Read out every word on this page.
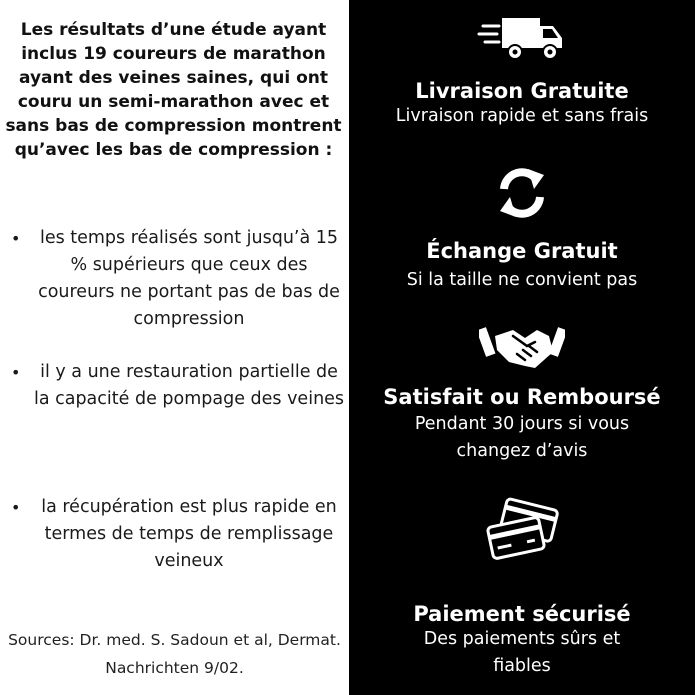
Les résultats d’une étude ayant inclus 19 coureurs de marathon ayant des veines saines, qui ont couru un semi-marathon avec et sans bas de compression montrent qu’avec les bas de compression :
•	les temps réalisés sont jusqu’à 15 % supérieurs que ceux des coureurs ne portant pas de bas de compression
•	il y a une restauration partielle de la capacité de pompage des veines
•	la récupération est plus rapide en termes de temps de remplissage veineux
Sources: Dr. med. S. Sadoun et al, Dermat. Nachrichten 9/02.
Livraison Gratuite
Livraison rapide et sans frais
Échange Gratuit
Si la taille ne convient pas
Satisfait ou Remboursé
Pendant 30 jours si vous changez d’avis
Paiement sécurisé
Des paiements sûrs et fiables
